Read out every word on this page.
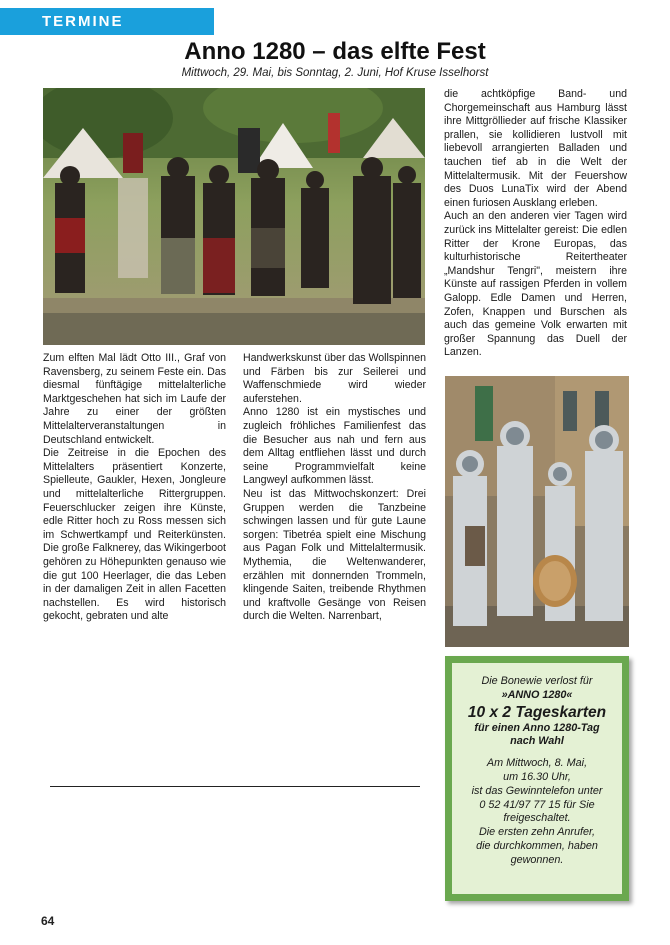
TERMINE
Anno 1280 – das elfte Fest
Mittwoch, 29. Mai, bis Sonntag, 2. Juni, Hof Kruse Isselhorst

Zum elften Mal lädt Otto III., Graf von Ravensberg, zu seinem Feste ein. Das diesmal fünftägige mittelalterliche Marktgeschehen hat sich im Laufe der Jahre zu einer der größten Mittelalterveranstaltungen in Deutschland entwickelt.

Die Zeitreise in die Epochen des Mittelalters präsentiert Konzerte, Spielleute, Gaukler, Hexen, Jongleure und mittelalterliche Rittergruppen. Feuerschlucker zeigen ihre Künste, edle Ritter hoch zu Ross messen sich im Schwertkampf und Reiterkünsten. Die große Falknerey, das Wikingerboot gehören zu Höhepunkten genauso wie die gut 100 Heerlager, die das Leben in der damaligen Zeit in allen Facetten nachstellen. Es wird historisch gekocht, gebraten und alte

Handwerkskunst über das Wollspinnen und Färben bis zur Seilerei und Waffenschmiede wird wieder auferstehen.

Anno 1280 ist ein mystisches und zugleich fröhliches Familienfest das die Besucher aus nah und fern aus dem Alltag entfliehen lässt und durch seine Programmvielfalt keine Langweyl aufkommen lässt.

Neu ist das Mittwochskonzert: Drei Gruppen werden die Tanzbeine schwingen lassen und für gute Laune sorgen: Tibetréa spielt eine Mischung aus Pagan Folk und Mittelaltermusik. Mythemia, die Weltenwanderer, erzählen mit donnernden Trommeln, klingende Saiten, treibende Rhythmen und kraftvolle Gesänge von Reisen durch die Welten. Narrenbart,

die achtköpfige Band- und Chorgemeinschaft aus Hamburg lässt ihre Mittgröllieder auf frische Klassiker prallen, sie kollidieren lustvoll mit liebevoll arrangierten Balladen und tauchen tief ab in die Welt der Mittelaltermusik. Mit der Feuershow des Duos LunaTix wird der Abend einen furiosen Ausklang erleben.

Auch an den anderen vier Tagen wird zurück ins Mittelalter gereist: Die edlen Ritter der Krone Europas, das kulturhistorische Reitertheater „Mandshur Tengri", meistern ihre Künste auf rassigen Pferden in vollem Galopp. Edle Damen und Herren, Zofen, Knappen und Burschen als auch das gemeine Volk erwarten mit großer Spannung das Duell der Lanzen.

Die Bonewie verlost für
»ANNO 1280«
10 x 2 Tageskarten
für einen Anno 1280-Tag
nach Wahl
Am Mittwoch, 8. Mai,
um 16.30 Uhr,
ist das Gewinntelefon unter
0 52 41/97 77 15 für Sie
freigeschaltet.
Die ersten zehn Anrufer,
die durchkommen, haben
gewonnen.
64
